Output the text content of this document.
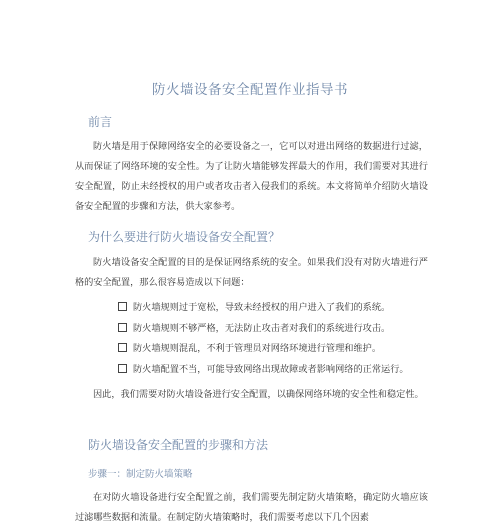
防火墙设备安全配置作业指导书
前言
防火墙是用于保障网络安全的必要设备之一，它可以对进出网络的数据进行过滤，从而保证了网络环境的安全性。为了让防火墙能够发挥最大的作用，我们需要对其进行安全配置，防止未经授权的用户或者攻击者入侵我们的系统。本文将简单介绍防火墙设备安全配置的步骤和方法，供大家参考。
为什么要进行防火墙设备安全配置？
防火墙设备安全配置的目的是保证网络系统的安全。如果我们没有对防火墙进行严格的安全配置，那么很容易造成以下问题：
防火墙规则过于宽松，导致未经授权的用户进入了我们的系统。
防火墙规则不够严格，无法防止攻击者对我们的系统进行攻击。
防火墙规则混乱，不利于管理员对网络环境进行管理和维护。
防火墙配置不当，可能导致网络出现故障或者影响网络的正常运行。
因此，我们需要对防火墙设备进行安全配置，以确保网络环境的安全性和稳定性。
防火墙设备安全配置的步骤和方法
步骤一：制定防火墙策略
在对防火墙设备进行安全配置之前，我们需要先制定防火墙策略，确定防火墙应该过滤哪些数据和流量。在制定防火墙策略时，我们需要考虑以下几个因素
